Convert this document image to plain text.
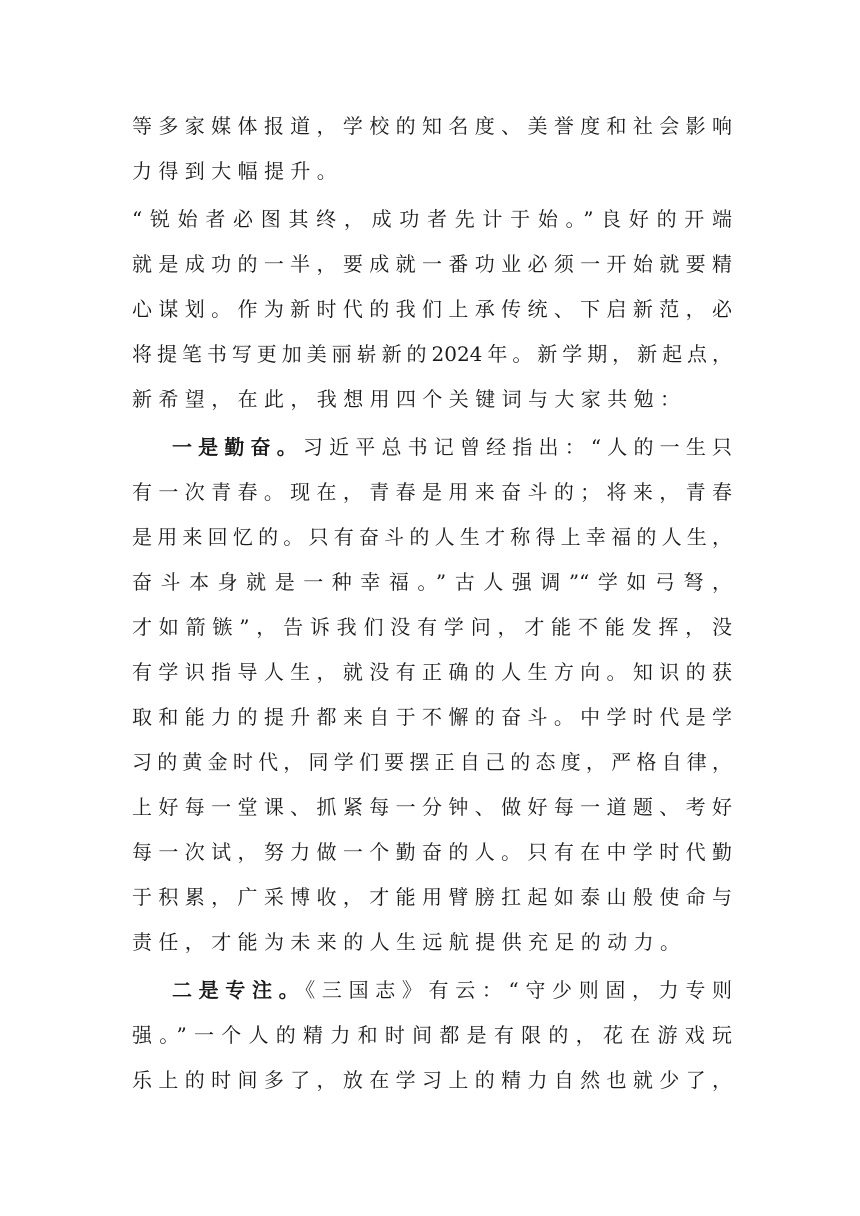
等多家媒体报道，学校的知名度、美誉度和社会影响
力得到大幅提升。
“锐始者必图其终，成功者先计于始。”良好的开端
就是成功的一半，要成就一番功业必须一开始就要精
心谋划。作为新时代的我们上承传统、下启新范，必
将提笔书写更加美丽崭新的2024年。新学期，新起点，
新希望，在此，我想用四个关键词与大家共勉：
一是勤奋。习近平总书记曾经指出：“人的一生只
有一次青春。现在，青春是用来奋斗的；将来，青春
是用来回忆的。只有奋斗的人生才称得上幸福的人生，
奋斗本身就是一种幸福。”古人强调”“学如弓弩，
才如箭镞”，告诉我们没有学问，才能不能发挥，没
有学识指导人生，就没有正确的人生方向。知识的获
取和能力的提升都来自于不懈的奋斗。中学时代是学
习的黄金时代，同学们要摆正自己的态度，严格自律，
上好每一堂课、抓紧每一分钟、做好每一道题、考好
每一次试，努力做一个勤奋的人。只有在中学时代勤
于积累，广采博收，才能用臂膀扛起如泰山般使命与
责任，才能为未来的人生远航提供充足的动力。
二是专注。《三国志》有云：“守少则固，力专则
强。”一个人的精力和时间都是有限的，花在游戏玩
乐上的时间多了，放在学习上的精力自然也就少了，
